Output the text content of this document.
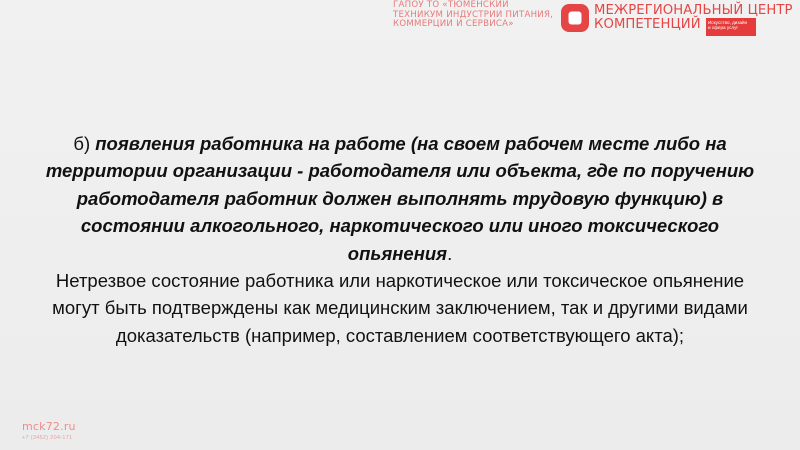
ГАПОУ ТО «ТЮМЕНСКИЙ
ТЕХНИКУМ ИНДУСТРИИ ПИТАНИЯ,
КОММЕРЦИИ И СЕРВИСА»
МЕЖРЕГИОНАЛЬНЫЙ ЦЕНТР
КОМПЕТЕНЦИЙ	Искусство, дизайн
и сфера услуг
б) появления работника на работе (на своем рабочем месте либо на территории организации - работодателя или объекта, где по поручению работодателя работник должен выполнять трудовую функцию) в состоянии алкогольного, наркотического или иного токсического опьянения.
Нетрезвое состояние работника или наркотическое или токсическое опьянение могут быть подтверждены как медицинским заключением, так и другими видами доказательств (например, составлением соответствующего акта);
mck72.ru
+7 (3452) 204-171
